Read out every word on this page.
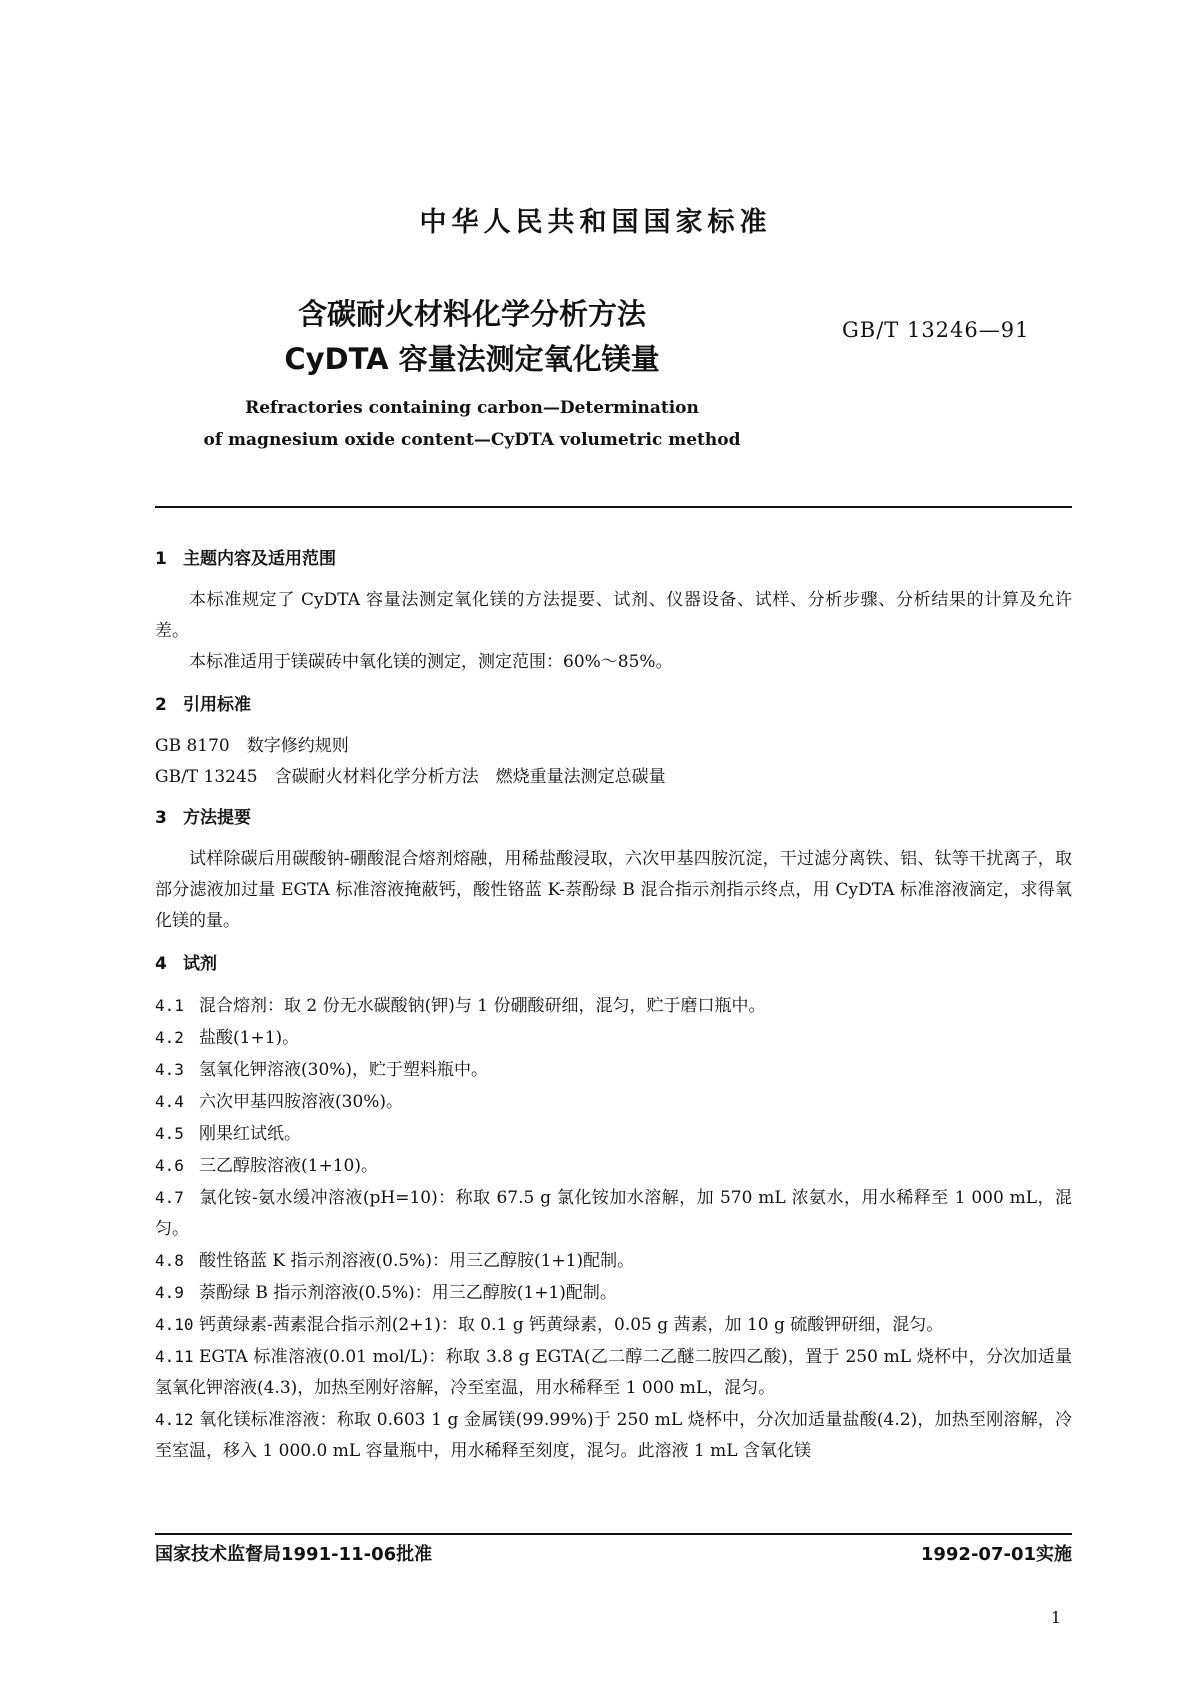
中华人民共和国国家标准
含碳耐火材料化学分析方法
CyDTA 容量法测定氧化镁量
GB/T 13246—91
Refractories containing carbon—Determination
of magnesium oxide content—CyDTA volumetric method
1 主题内容及适用范围

本标准规定了 CyDTA 容量法测定氧化镁的方法提要、试剂、仪器设备、试样、分析步骤、分析结果的计算及允许差。

本标准适用于镁碳砖中氧化镁的测定，测定范围：60%～85%。

2 引用标准

GB 8170　数字修约规则

GB/T 13245　含碳耐火材料化学分析方法　燃烧重量法测定总碳量

3 方法提要

试样除碳后用碳酸钠-硼酸混合熔剂熔融，用稀盐酸浸取，六次甲基四胺沉淀，干过滤分离铁、铝、钛等干扰离子，取部分滤液加过量 EGTA 标准溶液掩蔽钙，酸性铬蓝 K-萘酚绿 B 混合指示剂指示终点，用 CyDTA 标准溶液滴定，求得氧化镁的量。

4 试剂

4.1 混合熔剂：取 2 份无水碳酸钠(钾)与 1 份硼酸研细，混匀，贮于磨口瓶中。

4.2 盐酸(1+1)。

4.3 氢氧化钾溶液(30%)，贮于塑料瓶中。

4.4 六次甲基四胺溶液(30%)。

4.5 刚果红试纸。

4.6 三乙醇胺溶液(1+10)。

4.7 氯化铵-氨水缓冲溶液(pH=10)：称取 67.5 g 氯化铵加水溶解，加 570 mL 浓氨水，用水稀释至 1 000 mL，混匀。

4.8 酸性铬蓝 K 指示剂溶液(0.5%)：用三乙醇胺(1+1)配制。

4.9 萘酚绿 B 指示剂溶液(0.5%)：用三乙醇胺(1+1)配制。

4.10 钙黄绿素-茜素混合指示剂(2+1)：取 0.1 g 钙黄绿素，0.05 g 茜素，加 10 g 硫酸钾研细，混匀。

4.11 EGTA 标准溶液(0.01 mol/L)：称取 3.8 g EGTA(乙二醇二乙醚二胺四乙酸)，置于 250 mL 烧杯中，分次加适量氢氧化钾溶液(4.3)，加热至刚好溶解，冷至室温，用水稀释至 1 000 mL，混匀。

4.12 氧化镁标准溶液：称取 0.603 1 g 金属镁(99.99%)于 250 mL 烧杯中，分次加适量盐酸(4.2)，加热至刚溶解，冷至室温，移入 1 000.0 mL 容量瓶中，用水稀释至刻度，混匀。此溶液 1 mL 含氧化镁

国家技术监督局1991-11-06批准	1992-07-01实施
1
